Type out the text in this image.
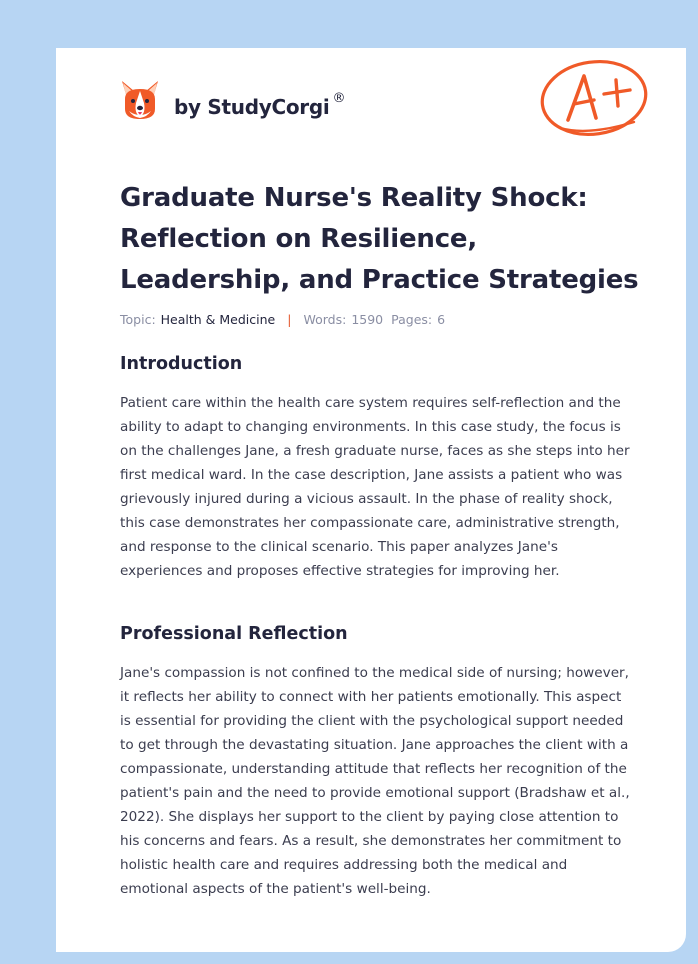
by StudyCorgi ®
Graduate Nurse's Reality Shock: Reflection on Resilience, Leadership, and Practice Strategies
Topic: Health & Medicine | Words: 1590 Pages: 6
Introduction

Patient care within the health care system requires self-reflection and the ability to adapt to changing environments. In this case study, the focus is on the challenges Jane, a fresh graduate nurse, faces as she steps into her first medical ward. In the case description, Jane assists a patient who was grievously injured during a vicious assault. In the phase of reality shock, this case demonstrates her compassionate care, administrative strength, and response to the clinical scenario. This paper analyzes Jane's experiences and proposes effective strategies for improving her.

Professional Reflection

Jane's compassion is not confined to the medical side of nursing; however, it reflects her ability to connect with her patients emotionally. This aspect is essential for providing the client with the psychological support needed to get through the devastating situation. Jane approaches the client with a compassionate, understanding attitude that reflects her recognition of the patient's pain and the need to provide emotional support (Bradshaw et al., 2022). She displays her support to the client by paying close attention to his concerns and fears. As a result, she demonstrates her commitment to holistic health care and requires addressing both the medical and emotional aspects of the patient's well-being.
